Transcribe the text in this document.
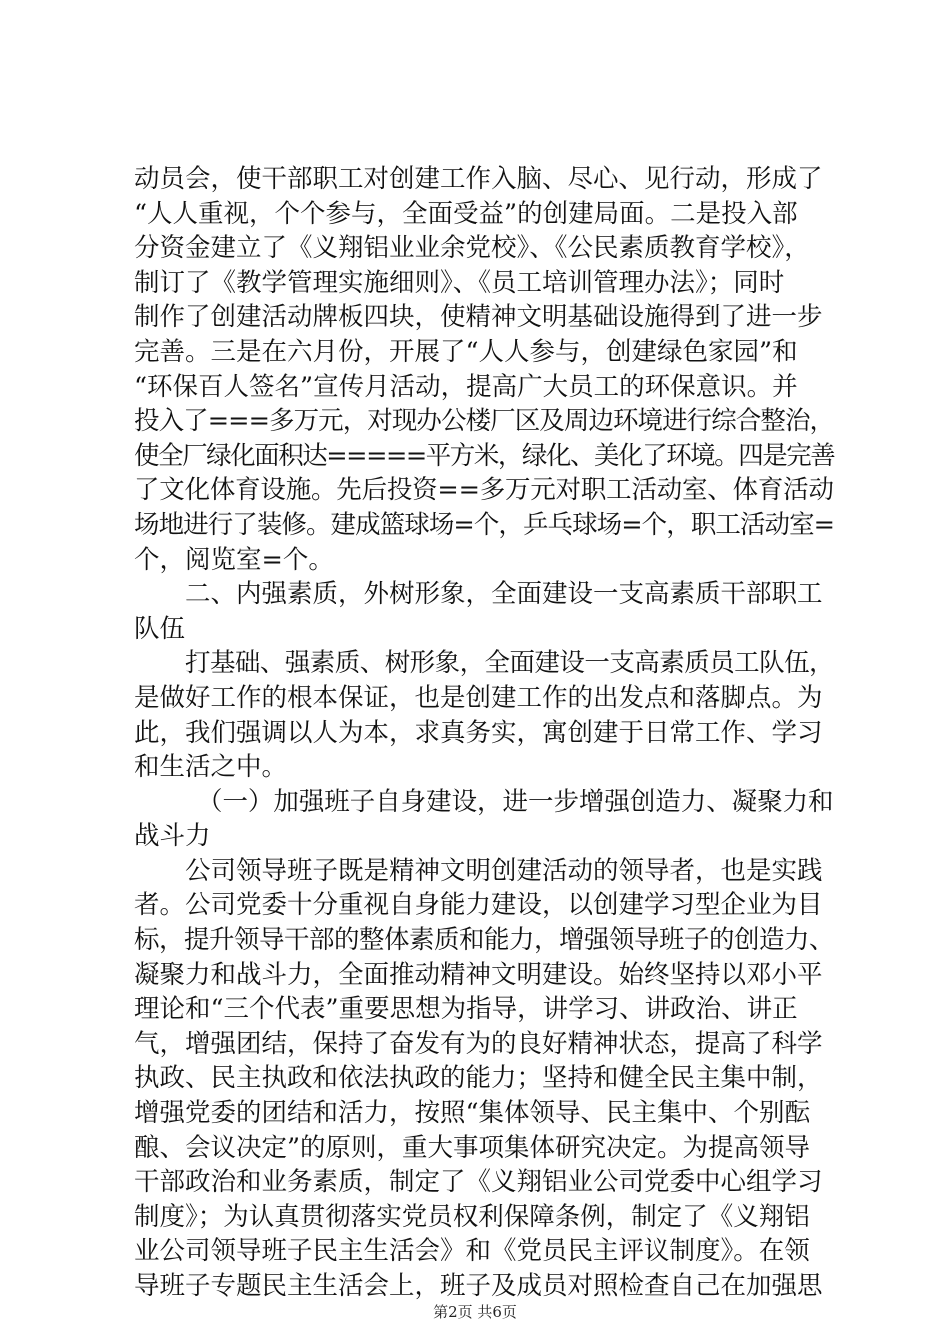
动员会，使干部职工对创建工作入脑、尽心、见行动，形成了
“人人重视，个个参与，全面受益”的创建局面。二是投入部
分资金建立了《义翔铝业业余党校》、《公民素质教育学校》，
制订了《教学管理实施细则》、《员工培训管理办法》；同时
制作了创建活动牌板四块，使精神文明基础设施得到了进一步
完善。三是在六月份，开展了“人人参与，创建绿色家园”和
“环保百人签名”宣传月活动，提高广大员工的环保意识。并
投入了===多万元，对现办公楼厂区及周边环境进行综合整治，
使全厂绿化面积达=====平方米，绿化、美化了环境。四是完善
了文化体育设施。先后投资==多万元对职工活动室、体育活动
场地进行了装修。建成篮球场=个，乒乓球场=个，职工活动室=
个，阅览室=个。
二、内强素质，外树形象，全面建设一支高素质干部职工
队伍
打基础、强素质、树形象，全面建设一支高素质员工队伍，
是做好工作的根本保证，也是创建工作的出发点和落脚点。为
此，我们强调以人为本，求真务实，寓创建于日常工作、学习
和生活之中。
（一）加强班子自身建设，进一步增强创造力、凝聚力和
战斗力
公司领导班子既是精神文明创建活动的领导者，也是实践
者。公司党委十分重视自身能力建设，以创建学习型企业为目
标，提升领导干部的整体素质和能力，增强领导班子的创造力、
凝聚力和战斗力，全面推动精神文明建设。始终坚持以邓小平
理论和“三个代表”重要思想为指导，讲学习、讲政治、讲正
气，增强团结，保持了奋发有为的良好精神状态，提高了科学
执政、民主执政和依法执政的能力；坚持和健全民主集中制，
增强党委的团结和活力，按照“集体领导、民主集中、个别酝
酿、会议决定”的原则，重大事项集体研究决定。为提高领导
干部政治和业务素质，制定了《义翔铝业公司党委中心组学习
制度》；为认真贯彻落实党员权利保障条例，制定了《义翔铝
业公司领导班子民主生活会》和《党员民主评议制度》。在领
导班子专题民主生活会上，班子及成员对照检查自己在加强思
第2页 共6页
